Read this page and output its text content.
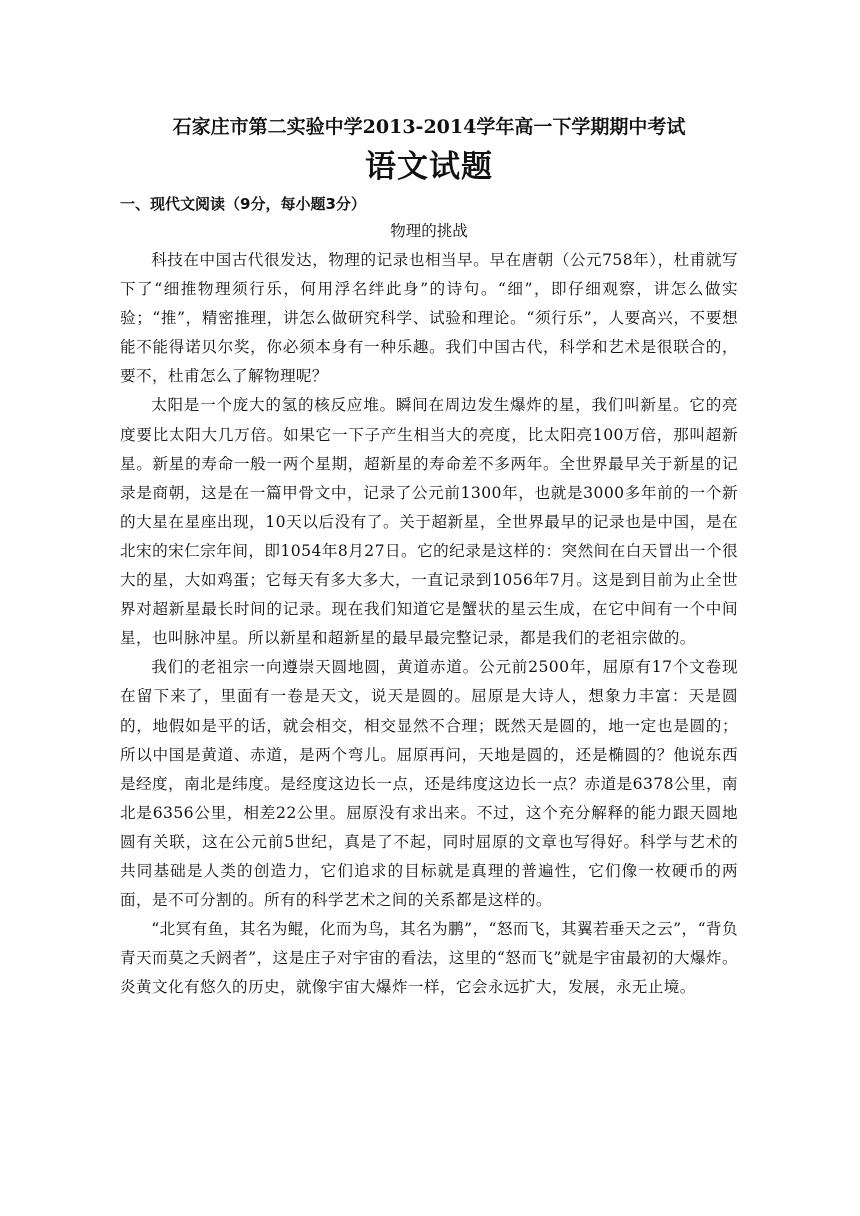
石家庄市第二实验中学2013-2014学年高一下学期期中考试
语文试题
一、现代文阅读（9分，每小题3分）
物理的挑战

科技在中国古代很发达，物理的记录也相当早。早在唐朝（公元758年），杜甫就写下了“细推物理须行乐，何用浮名绊此身”的诗句。“细”，即仔细观察，讲怎么做实验；“推”，精密推理，讲怎么做研究科学、试验和理论。“须行乐”，人要高兴，不要想能不能得诺贝尔奖，你必须本身有一种乐趣。我们中国古代，科学和艺术是很联合的，要不，杜甫怎么了解物理呢？

太阳是一个庞大的氢的核反应堆。瞬间在周边发生爆炸的星，我们叫新星。它的亮度要比太阳大几万倍。如果它一下子产生相当大的亮度，比太阳亮100万倍，那叫超新星。新星的寿命一般一两个星期，超新星的寿命差不多两年。全世界最早关于新星的记录是商朝，这是在一篇甲骨文中，记录了公元前1300年，也就是3000多年前的一个新的大星在星座出现，10天以后没有了。关于超新星，全世界最早的记录也是中国，是在北宋的宋仁宗年间，即1054年8月27日。它的纪录是这样的：突然间在白天冒出一个很大的星，大如鸡蛋；它每天有多大多大，一直记录到1056年7月。这是到目前为止全世界对超新星最长时间的记录。现在我们知道它是蟹状的星云生成，在它中间有一个中间星，也叫脉冲星。所以新星和超新星的最早最完整记录，都是我们的老祖宗做的。

我们的老祖宗一向遵崇天圆地圆，黄道赤道。公元前2500年，屈原有17个文卷现在留下来了，里面有一卷是天文，说天是圆的。屈原是大诗人，想象力丰富：天是圆的，地假如是平的话，就会相交，相交显然不合理；既然天是圆的，地一定也是圆的；所以中国是黄道、赤道，是两个弯儿。屈原再问，天地是圆的，还是椭圆的？他说东西是经度，南北是纬度。是经度这边长一点，还是纬度这边长一点？赤道是6378公里，南北是6356公里，相差22公里。屈原没有求出来。不过，这个充分解释的能力跟天圆地圆有关联，这在公元前5世纪，真是了不起，同时屈原的文章也写得好。科学与艺术的共同基础是人类的创造力，它们追求的目标就是真理的普遍性，它们像一枚硬币的两面，是不可分割的。所有的科学艺术之间的关系都是这样的。

“北冥有鱼，其名为鲲，化而为鸟，其名为鹏”，“怒而飞，其翼若垂天之云”，“背负青天而莫之夭阏者”，这是庄子对宇宙的看法，这里的“怒而飞”就是宇宙最初的大爆炸。炎黄文化有悠久的历史，就像宇宙大爆炸一样，它会永远扩大，发展，永无止境。
